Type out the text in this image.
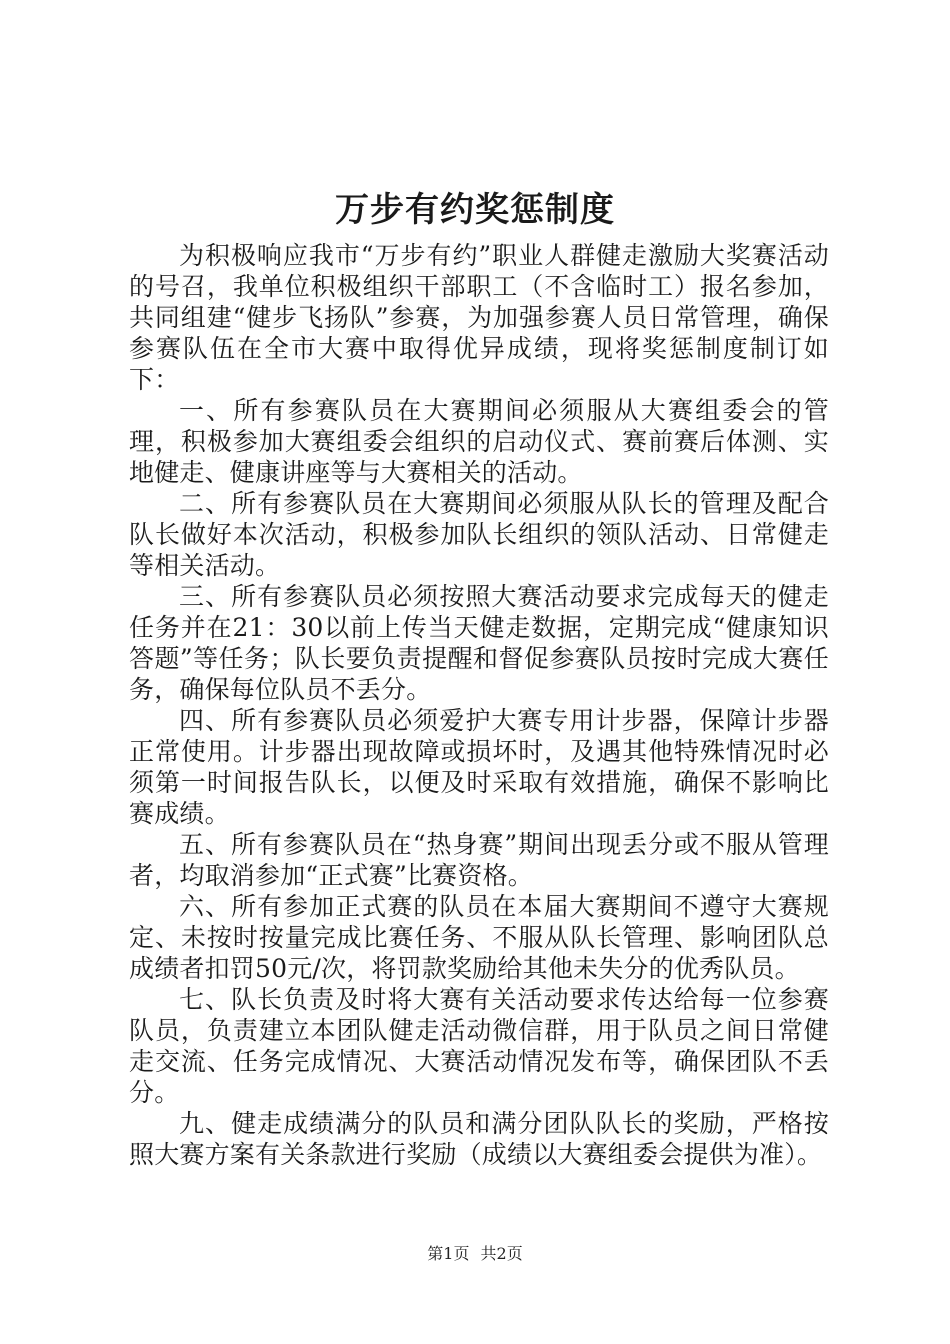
万步有约奖惩制度

为积极响应我市“万步有约”职业人群健走激励大奖赛活动的号召，我单位积极组织干部职工（不含临时工）报名参加，共同组建“健步飞扬队”参赛，为加强参赛人员日常管理，确保参赛队伍在全市大赛中取得优异成绩，现将奖惩制度制订如下：

一、所有参赛队员在大赛期间必须服从大赛组委会的管理，积极参加大赛组委会组织的启动仪式、赛前赛后体测、实地健走、健康讲座等与大赛相关的活动。

二、所有参赛队员在大赛期间必须服从队长的管理及配合队长做好本次活动，积极参加队长组织的领队活动、日常健走等相关活动。

三、所有参赛队员必须按照大赛活动要求完成每天的健走任务并在21：30以前上传当天健走数据，定期完成“健康知识答题”等任务；队长要负责提醒和督促参赛队员按时完成大赛任务，确保每位队员不丢分。

四、所有参赛队员必须爱护大赛专用计步器，保障计步器正常使用。计步器出现故障或损坏时，及遇其他特殊情况时必须第一时间报告队长，以便及时采取有效措施，确保不影响比赛成绩。

五、所有参赛队员在“热身赛”期间出现丢分或不服从管理者，均取消参加“正式赛”比赛资格。

六、所有参加正式赛的队员在本届大赛期间不遵守大赛规定、未按时按量完成比赛任务、不服从队长管理、影响团队总成绩者扣罚50元/次，将罚款奖励给其他未失分的优秀队员。

七、队长负责及时将大赛有关活动要求传达给每一位参赛队员，负责建立本团队健走活动微信群，用于队员之间日常健走交流、任务完成情况、大赛活动情况发布等，确保团队不丢分。

九、健走成绩满分的队员和满分团队队长的奖励，严格按照大赛方案有关条款进行奖励（成绩以大赛组委会提供为准）。

第1页 共2页
